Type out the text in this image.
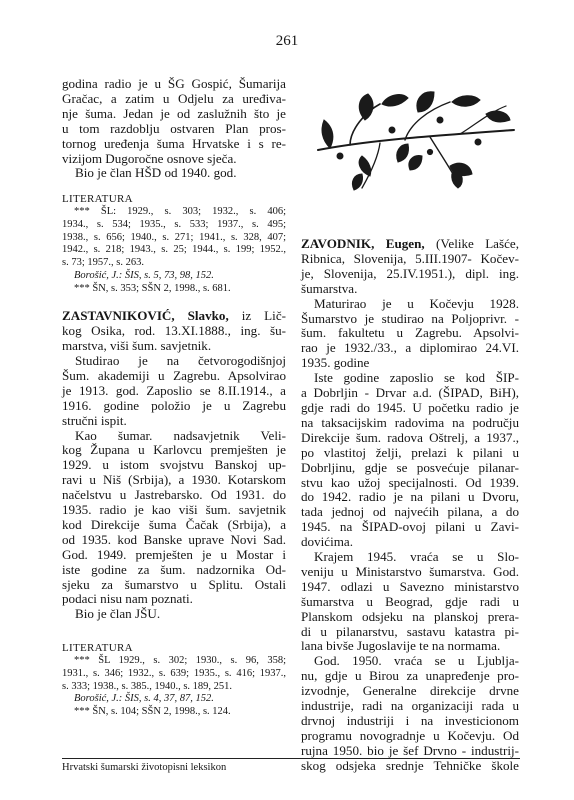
261
godina radio je u ŠG Gospić, Šumarija
Gračac, a zatim u Odjelu za uređiva-
nje šuma. Jedan je od zaslužnih što je
u tom razdoblju ostvaren Plan pros-
tornog uređenja šuma Hrvatske i s re-
vizijom Dugoročne osnove sječa.
Bio je član HŠD od 1940. god.
LITERATURA
*** ŠL: 1929., s. 303; 1932., s. 406;
1934., s. 534; 1935., s. 533; 1937., s. 495;
1938., s. 656; 1940., s. 271; 1941., s. 328, 407;
1942., s. 218; 1943., s. 25; 1944., s. 199; 1952.,
s. 73; 1957., s. 263.
Borošić, J.: ŠIS, s. 5, 73, 98, 152.
*** ŠN, s. 353; SŠN 2, 1998., s. 681.
ZASTAVNIKOVIĆ, Slavko, iz Lič-
kog Osika, rod. 13.XI.1888., ing. šu-
marstva, viši šum. savjetnik.
Studirao je na četvorogodišnjoj
Šum. akademiji u Zagrebu. Apsolvirao
je 1913. god. Zaposlio se 8.II.1914., a
1916. godine položio je u Zagrebu
stručni ispit.
Kao šumar. nadsavjetnik Veli-
kog Župana u Karlovcu premješten je
1929. u istom svojstvu Banskoj up-
ravi u Niš (Srbija), a 1930. Kotarskom
načelstvu u Jastrebarsko. Od 1931. do
1935. radio je kao viši šum. savjetnik
kod Direkcije šuma Čačak (Srbija), a
od 1935. kod Banske uprave Novi Sad.
God. 1949. premješten je u Mostar i
iste godine za šum. nadzornika Od-
sjeku za šumarstvo u Splitu. Ostali
podaci nisu nam poznati.
Bio je član JŠU.
LITERATURA
*** ŠL 1929., s. 302; 1930., s. 96, 358;
1931., s. 346; 1932., s. 639; 1935., s. 416; 1937.,
s. 333; 1938., s. 385., 1940., s. 189, 251.
Borošić, J.: ŠIS, s. 4, 37, 87, 152.
*** ŠN, s. 104; SŠN 2, 1998., s. 124.
ZAVODNIK, Eugen, (Velike Lašće,
Ribnica, Slovenija, 5.III.1907- Kočev-
je, Slovenija, 25.IV.1951.), dipl. ing.
šumarstva.
Maturirao je u Kočevju 1928.
Šumarstvo je studirao na Poljoprivr. -
šum. fakultetu u Zagrebu. Apsolvi-
rao je 1932./33., a diplomirao 24.VI.
1935. godine
Iste godine zaposlio se kod ŠIP-
a Dobrljin - Drvar a.d. (ŠIPAD, BiH),
gdje radi do 1945. U početku radio je
na taksacijskim radovima na području
Direkcije šum. radova Oštrelj, a 1937.,
po vlastitoj želji, prelazi k pilani u
Dobrljinu, gdje se posvećuje pilanar-
stvu kao užoj specijalnosti. Od 1939.
do 1942. radio je na pilani u Dvoru,
tada jednoj od najvećih pilana, a do
1945. na ŠIPAD-ovoj pilani u Zavi-
dovićima.
Krajem 1945. vraća se u Slo-
veniju u Ministarstvo šumarstva. God.
1947. odlazi u Savezno ministarstvo
šumarstva u Beograd, gdje radi u
Planskom odsjeku na planskoj prera-
di u pilanarstvu, sastavu katastra pi-
lana bivše Jugoslavije te na normama.
God. 1950. vraća se u Ljublja-
nu, gdje u Birou za unapređenje pro-
izvodnje, Generalne direkcije drvne
industrije, radi na organizaciji rada u
drvnoj industriji i na investicionom
programu novogradnje u Kočevju. Od
rujna 1950. bio je šef Drvno - industrij-
skog odsjeka srednje Tehničke škole
Hrvatski šumarski životopisni leksikon
